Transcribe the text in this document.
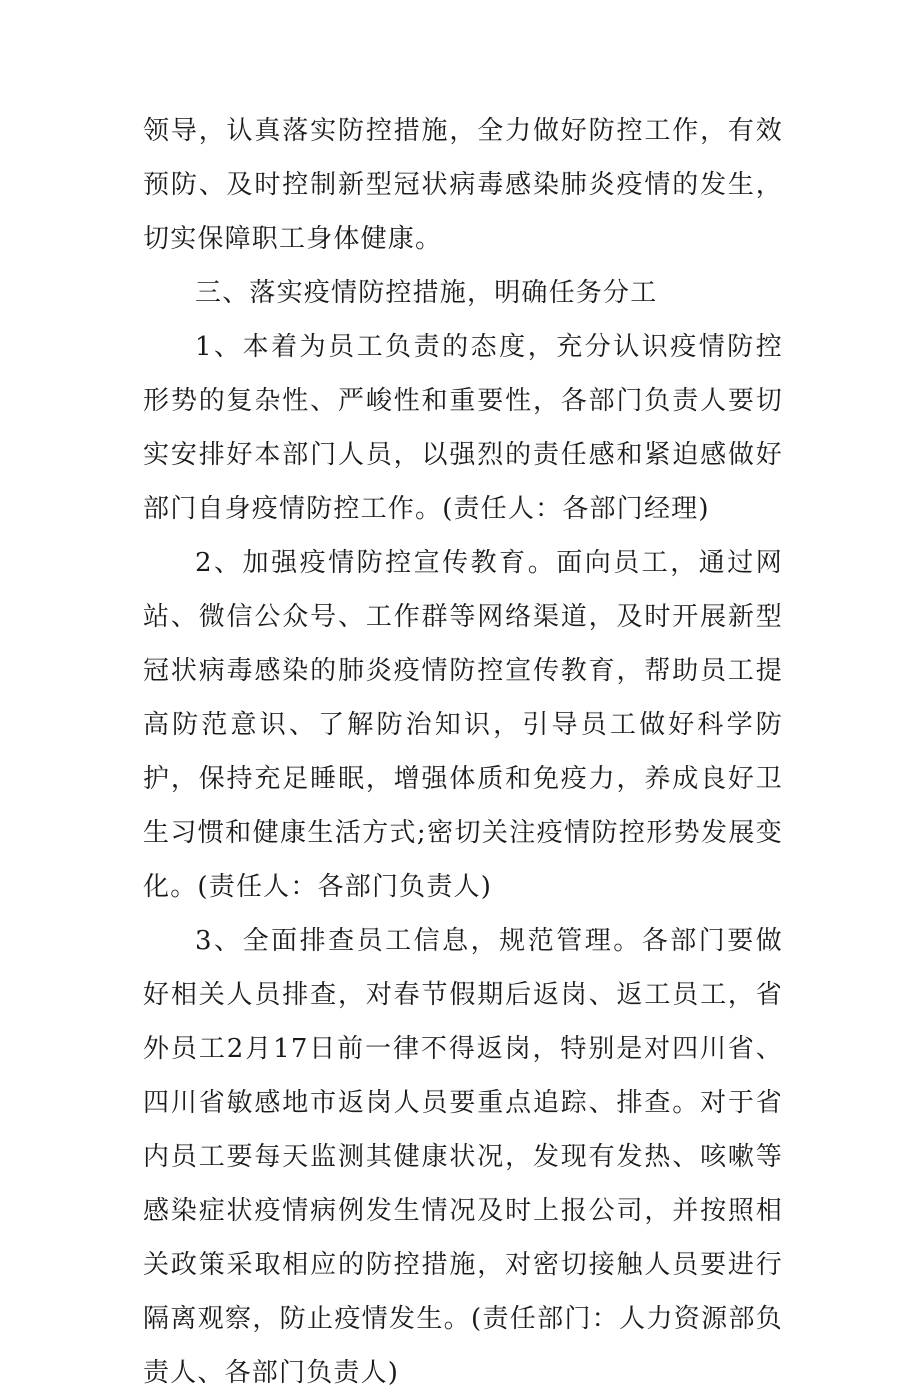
领导，认真落实防控措施，全力做好防控工作，有效预防、及时控制新型冠状病毒感染肺炎疫情的发生，切实保障职工身体健康。

三、落实疫情防控措施，明确任务分工

1、本着为员工负责的态度，充分认识疫情防控形势的复杂性、严峻性和重要性，各部门负责人要切实安排好本部门人员，以强烈的责任感和紧迫感做好部门自身疫情防控工作。(责任人：各部门经理)

2、加强疫情防控宣传教育。面向员工，通过网站、微信公众号、工作群等网络渠道，及时开展新型冠状病毒感染的肺炎疫情防控宣传教育，帮助员工提高防范意识、了解防治知识，引导员工做好科学防护，保持充足睡眠，增强体质和免疫力，养成良好卫生习惯和健康生活方式;密切关注疫情防控形势发展变化。(责任人：各部门负责人)

3、全面排查员工信息，规范管理。各部门要做好相关人员排查，对春节假期后返岗、返工员工，省外员工2月17日前一律不得返岗，特别是对四川省、四川省敏感地市返岗人员要重点追踪、排查。对于省内员工要每天监测其健康状况，发现有发热、咳嗽等感染症状疫情病例发生情况及时上报公司，并按照相关政策采取相应的防控措施，对密切接触人员要进行隔离观察，防止疫情发生。(责任部门：人力资源部负责人、各部门负责人)
